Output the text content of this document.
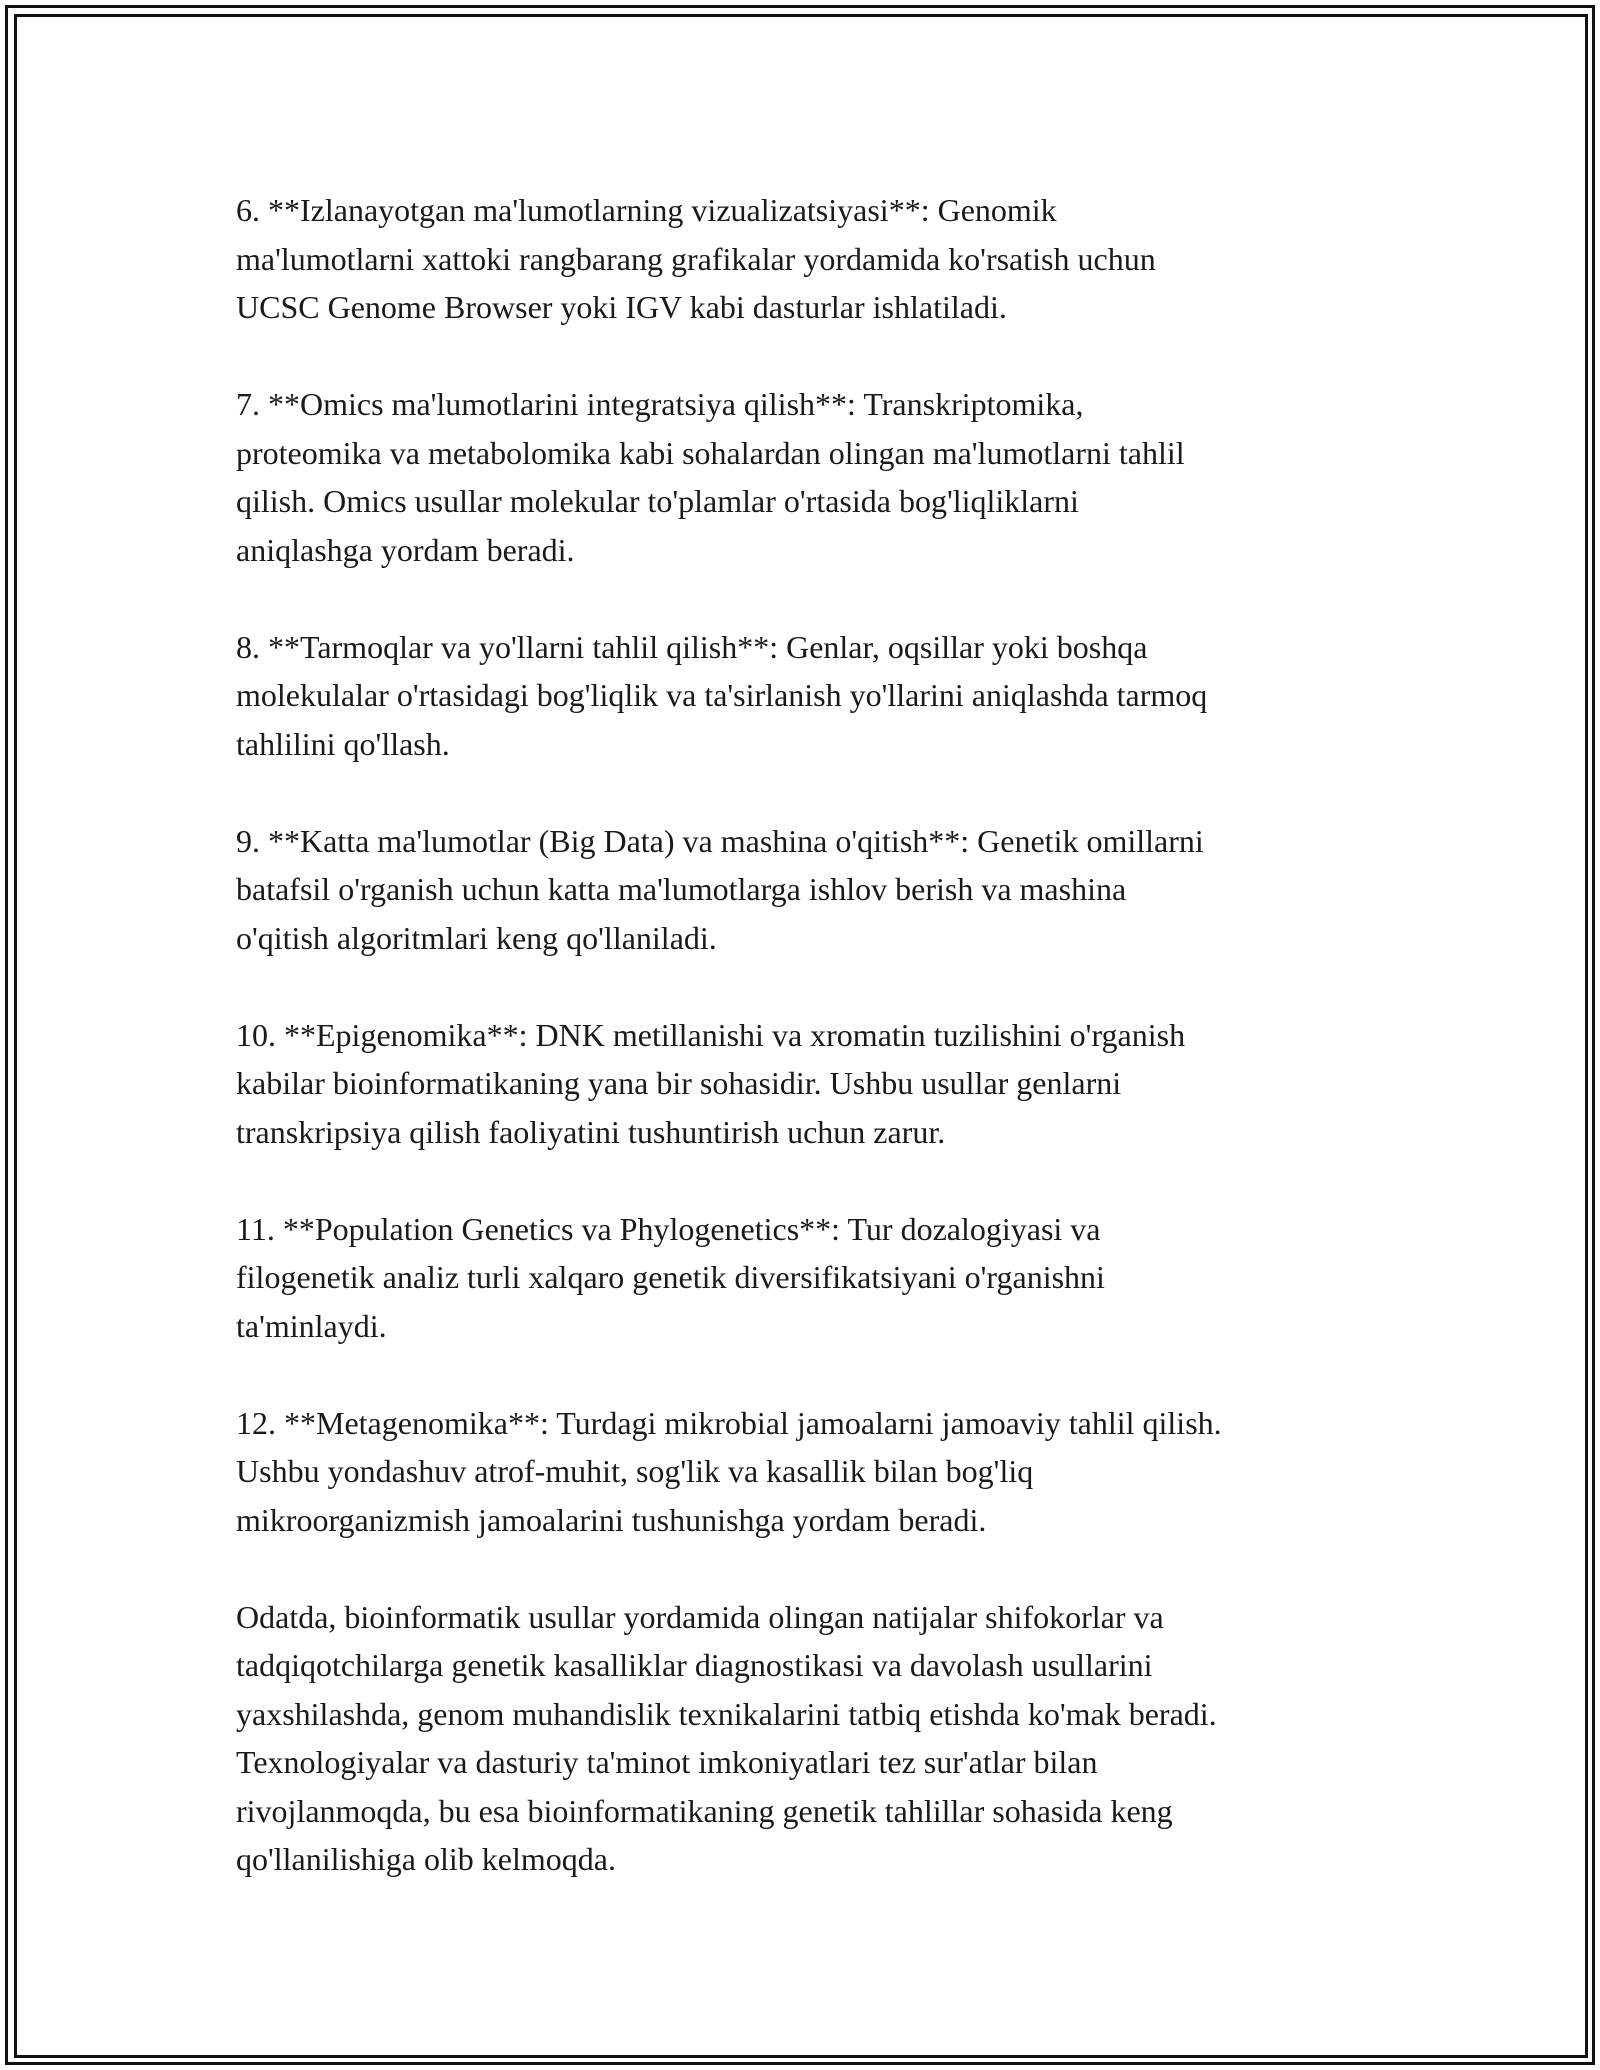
6. **Izlanayotgan ma'lumotlarning vizualizatsiyasi**: Genomik
ma'lumotlarni xattoki rangbarang grafikalar yordamida ko'rsatish uchun
UCSC Genome Browser yoki IGV kabi dasturlar ishlatiladi.

7. **Omics ma'lumotlarini integratsiya qilish**: Transkriptomika,
proteomika va metabolomika kabi sohalardan olingan ma'lumotlarni tahlil
qilish. Omics usullar molekular to'plamlar o'rtasida bog'liqliklarni
aniqlashga yordam beradi.

8. **Tarmoqlar va yo'llarni tahlil qilish**: Genlar, oqsillar yoki boshqa
molekulalar o'rtasidagi bog'liqlik va ta'sirlanish yo'llarini aniqlashda tarmoq
tahlilini qo'llash.

9. **Katta ma'lumotlar (Big Data) va mashina o'qitish**: Genetik omillarni
batafsil o'rganish uchun katta ma'lumotlarga ishlov berish va mashina
o'qitish algoritmlari keng qo'llaniladi.

10. **Epigenomika**: DNK metillanishi va xromatin tuzilishini o'rganish
kabilar bioinformatikaning yana bir sohasidir. Ushbu usullar genlarni
transkripsiya qilish faoliyatini tushuntirish uchun zarur.

11. **Population Genetics va Phylogenetics**: Tur dozalogiyasi va
filogenetik analiz turli xalqaro genetik diversifikatsiyani o'rganishni
ta'minlaydi.

12. **Metagenomika**: Turdagi mikrobial jamoalarni jamoaviy tahlil qilish.
Ushbu yondashuv atrof-muhit, sog'lik va kasallik bilan bog'liq
mikroorganizmish jamoalarini tushunishga yordam beradi.

Odatda, bioinformatik usullar yordamida olingan natijalar shifokorlar va
tadqiqotchilarga genetik kasalliklar diagnostikasi va davolash usullarini
yaxshilashda, genom muhandislik texnikalarini tatbiq etishda ko'mak beradi.
Texnologiyalar va dasturiy ta'minot imkoniyatlari tez sur'atlar bilan
rivojlanmoqda, bu esa bioinformatikaning genetik tahlillar sohasida keng
qo'llanilishiga olib kelmoqda.
